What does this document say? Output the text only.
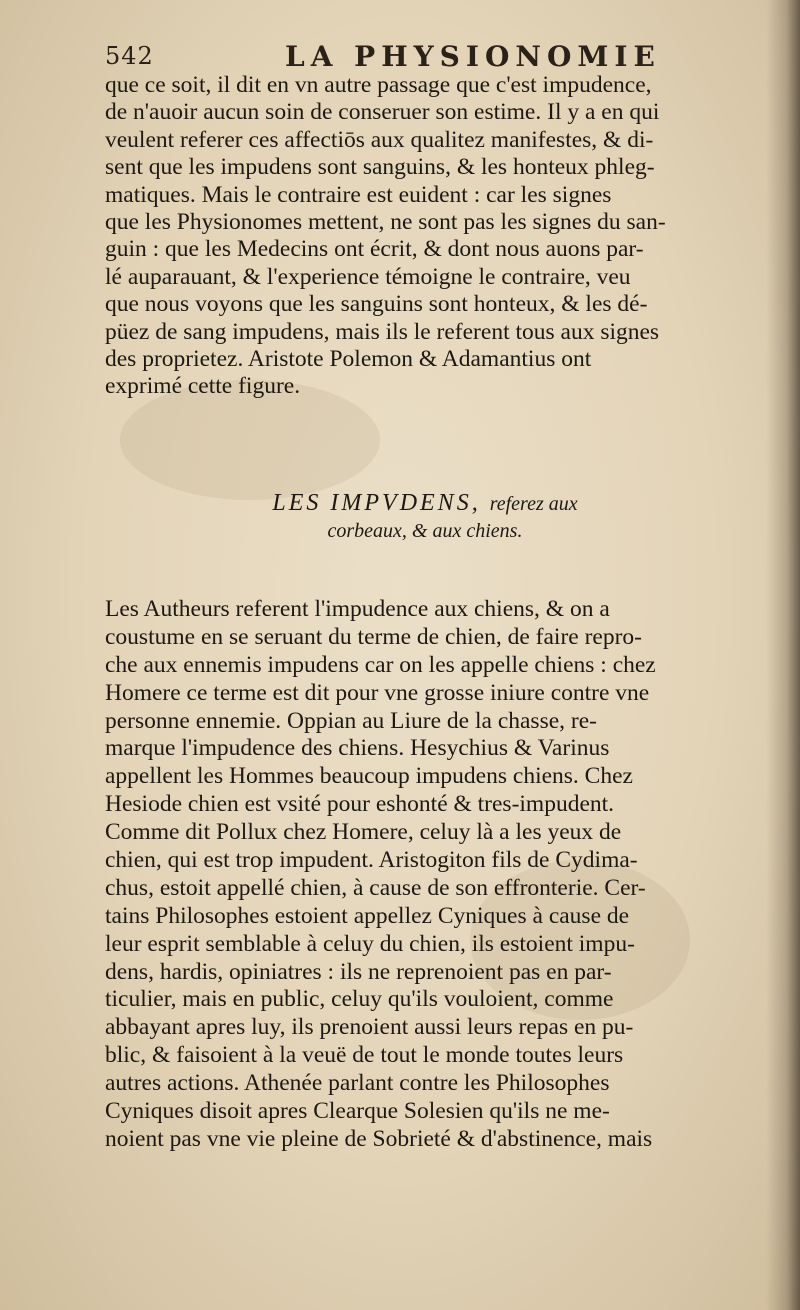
542	LA PHYSIONOMIE
que ce soit, il dit en vn autre passage que c'est impudence,
de n'auoir aucun soin de conseruer son estime. Il y a en qui
veulent referer ces affectiōs aux qualitez manifestes, & di-
sent que les impudens sont sanguins, & les honteux phleg-
matiques. Mais le contraire est euident : car les signes
que les Physionomes mettent, ne sont pas les signes du san-
guin : que les Medecins ont écrit, & dont nous auons par-
lé auparauant, & l'experience témoigne le contraire, veu
que nous voyons que les sanguins sont honteux, & les dé-
püez de sang impudens, mais ils le referent tous aux signes
des proprietez. Aristote Polemon & Adamantius ont
exprimé cette figure.
LES IMPVDENS, referez aux
corbeaux, & aux chiens.
Les Autheurs referent l'impudence aux chiens, & on a
coustume en se seruant du terme de chien, de faire repro-
che aux ennemis impudens car on les appelle chiens : chez
Homere ce terme est dit pour vne grosse iniure contre vne
personne ennemie. Oppian au Liure de la chasse, re-
marque l'impudence des chiens. Hesychius & Varinus
appellent les Hommes beaucoup impudens chiens. Chez
Hesiode chien est vsité pour eshonté & tres-impudent.
Comme dit Pollux chez Homere, celuy là a les yeux de
chien, qui est trop impudent. Aristogiton fils de Cydima-
chus, estoit appellé chien, à cause de son effronterie. Cer-
tains Philosophes estoient appellez Cyniques à cause de
leur esprit semblable à celuy du chien, ils estoient impu-
dens, hardis, opiniatres : ils ne reprenoient pas en par-
ticulier, mais en public, celuy qu'ils vouloient, comme
abbayant apres luy, ils prenoient aussi leurs repas en pu-
blic, & faisoient à la veuë de tout le monde toutes leurs
autres actions. Athenée parlant contre les Philosophes
Cyniques disoit apres Clearque Solesien qu'ils ne me-
noient pas vne vie pleine de Sobrieté & d'abstinence, mais
